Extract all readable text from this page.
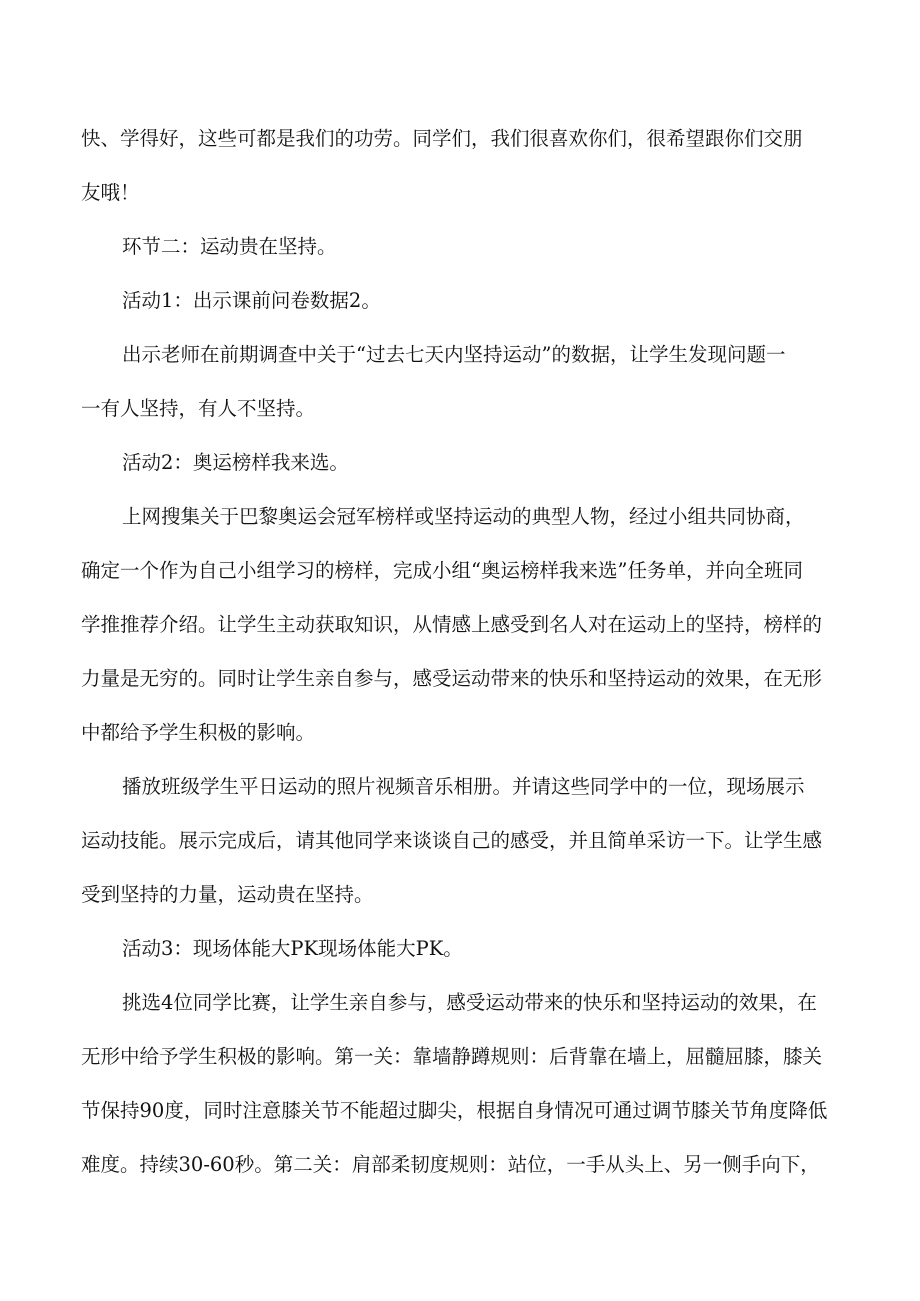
快、学得好，这些可都是我们的功劳。同学们，我们很喜欢你们，很希望跟你们交朋
友哦！
环节二：运动贵在坚持。
活动1：出示课前问卷数据2。
出示老师在前期调查中关于“过去七天内坚持运动”的数据，让学生发现问题一
一有人坚持，有人不坚持。
活动2：奥运榜样我来选。
上网搜集关于巴黎奥运会冠军榜样或坚持运动的典型人物，经过小组共同协商，
确定一个作为自己小组学习的榜样，完成小组“奥运榜样我来选”任务单，并向全班同
学推推荐介绍。让学生主动获取知识，从情感上感受到名人对在运动上的坚持，榜样的
力量是无穷的。同时让学生亲自参与，感受运动带来的快乐和坚持运动的效果，在无形
中都给予学生积极的影响。
播放班级学生平日运动的照片视频音乐相册。并请这些同学中的一位，现场展示
运动技能。展示完成后，请其他同学来谈谈自己的感受，并且简单采访一下。让学生感
受到坚持的力量，运动贵在坚持。
活动3：现场体能大PK现场体能大PK。
挑选4位同学比赛，让学生亲自参与，感受运动带来的快乐和坚持运动的效果，在
无形中给予学生积极的影响。第一关：靠墙静蹲规则：后背靠在墙上，屈髓屈膝，膝关
节保持90度，同时注意膝关节不能超过脚尖，根据自身情况可通过调节膝关节角度降低
难度。持续30-60秒。第二关：肩部柔韧度规则：站位，一手从头上、另一侧手向下，
